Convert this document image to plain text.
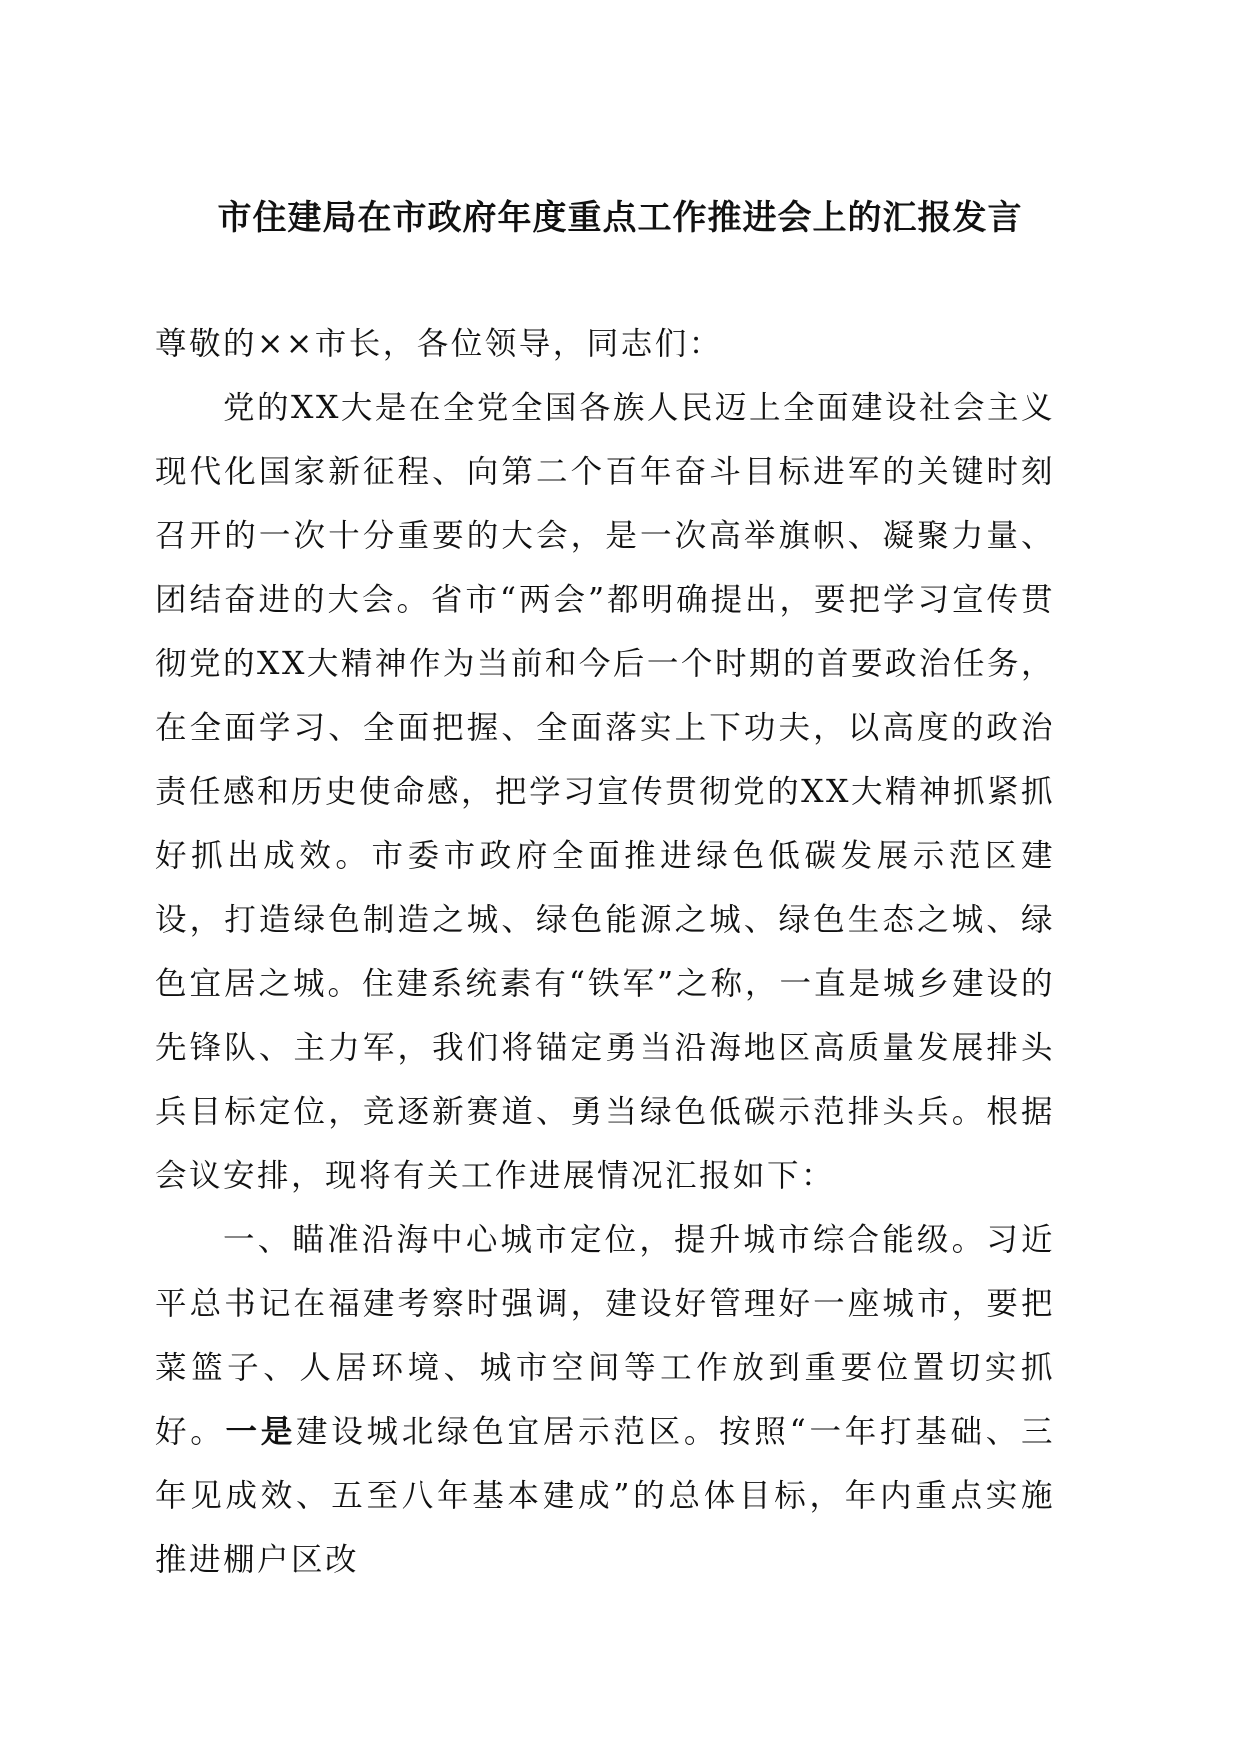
市住建局在市政府年度重点工作推进会上的汇报发言

尊敬的××市长，各位领导，同志们：

党的XX大是在全党全国各族人民迈上全面建设社会主义现代化国家新征程、向第二个百年奋斗目标进军的关键时刻召开的一次十分重要的大会，是一次高举旗帜、凝聚力量、团结奋进的大会。省市“两会”都明确提出，要把学习宣传贯彻党的XX大精神作为当前和今后一个时期的首要政治任务，在全面学习、全面把握、全面落实上下功夫，以高度的政治责任感和历史使命感，把学习宣传贯彻党的XX大精神抓紧抓好抓出成效。市委市政府全面推进绿色低碳发展示范区建设，打造绿色制造之城、绿色能源之城、绿色生态之城、绿色宜居之城。住建系统素有“铁军”之称，一直是城乡建设的先锋队、主力军，我们将锚定勇当沿海地区高质量发展排头兵目标定位，竞逐新赛道、勇当绿色低碳示范排头兵。根据会议安排，现将有关工作进展情况汇报如下：

一、瞄准沿海中心城市定位，提升城市综合能级。习近平总书记在福建考察时强调，建设好管理好一座城市，要把菜篮子、人居环境、城市空间等工作放到重要位置切实抓好。一是建设城北绿色宜居示范区。按照“一年打基础、三年见成效、五至八年基本建成”的总体目标，年内重点实施推进棚户区改
